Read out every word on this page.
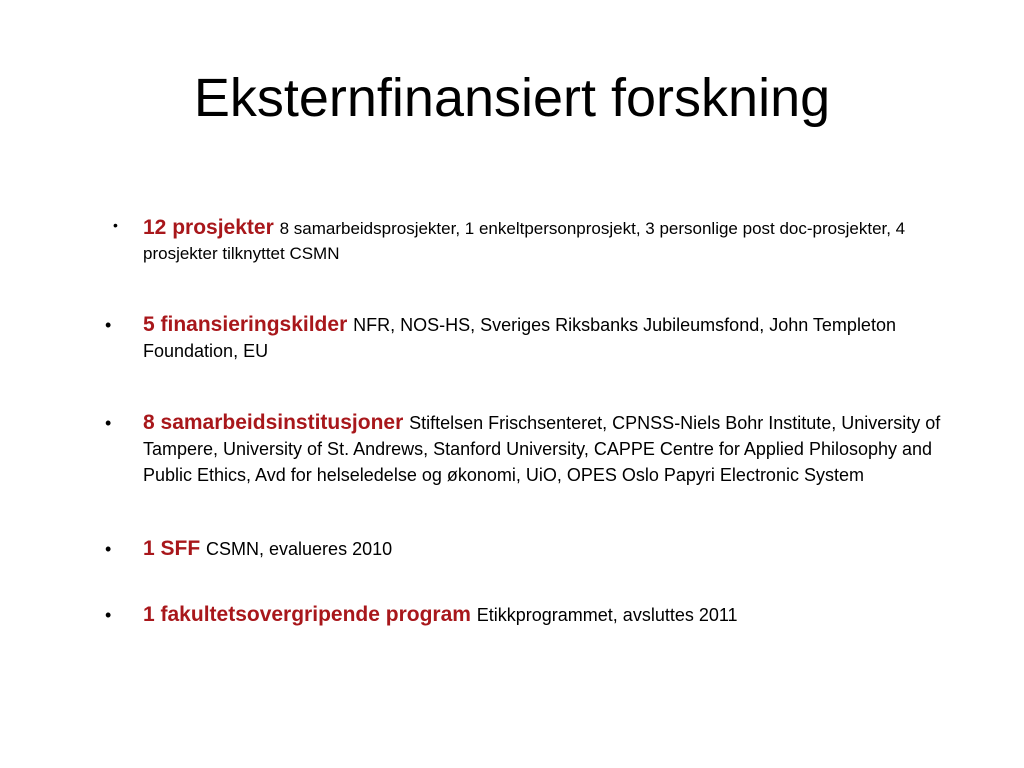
Eksternfinansiert forskning
• 12 prosjekter 8 samarbeidsprosjekter, 1 enkeltpersonprosjekt, 3 personlige post doc-prosjekter, 4 prosjekter tilknyttet CSMN
• 5 finansieringskilder NFR, NOS-HS, Sveriges Riksbanks Jubileumsfond, John Templeton Foundation, EU
• 8 samarbeidsinstitusjoner Stiftelsen Frischsenteret, CPNSS-Niels Bohr Institute, University of Tampere, University of St. Andrews, Stanford University, CAPPE Centre for Applied Philosophy and Public Ethics, Avd for helseledelse og økonomi, UiO, OPES Oslo Papyri Electronic System
• 1 SFF CSMN, evalueres 2010
• 1 fakultetsovergripende program Etikkprogrammet, avsluttes 2011
